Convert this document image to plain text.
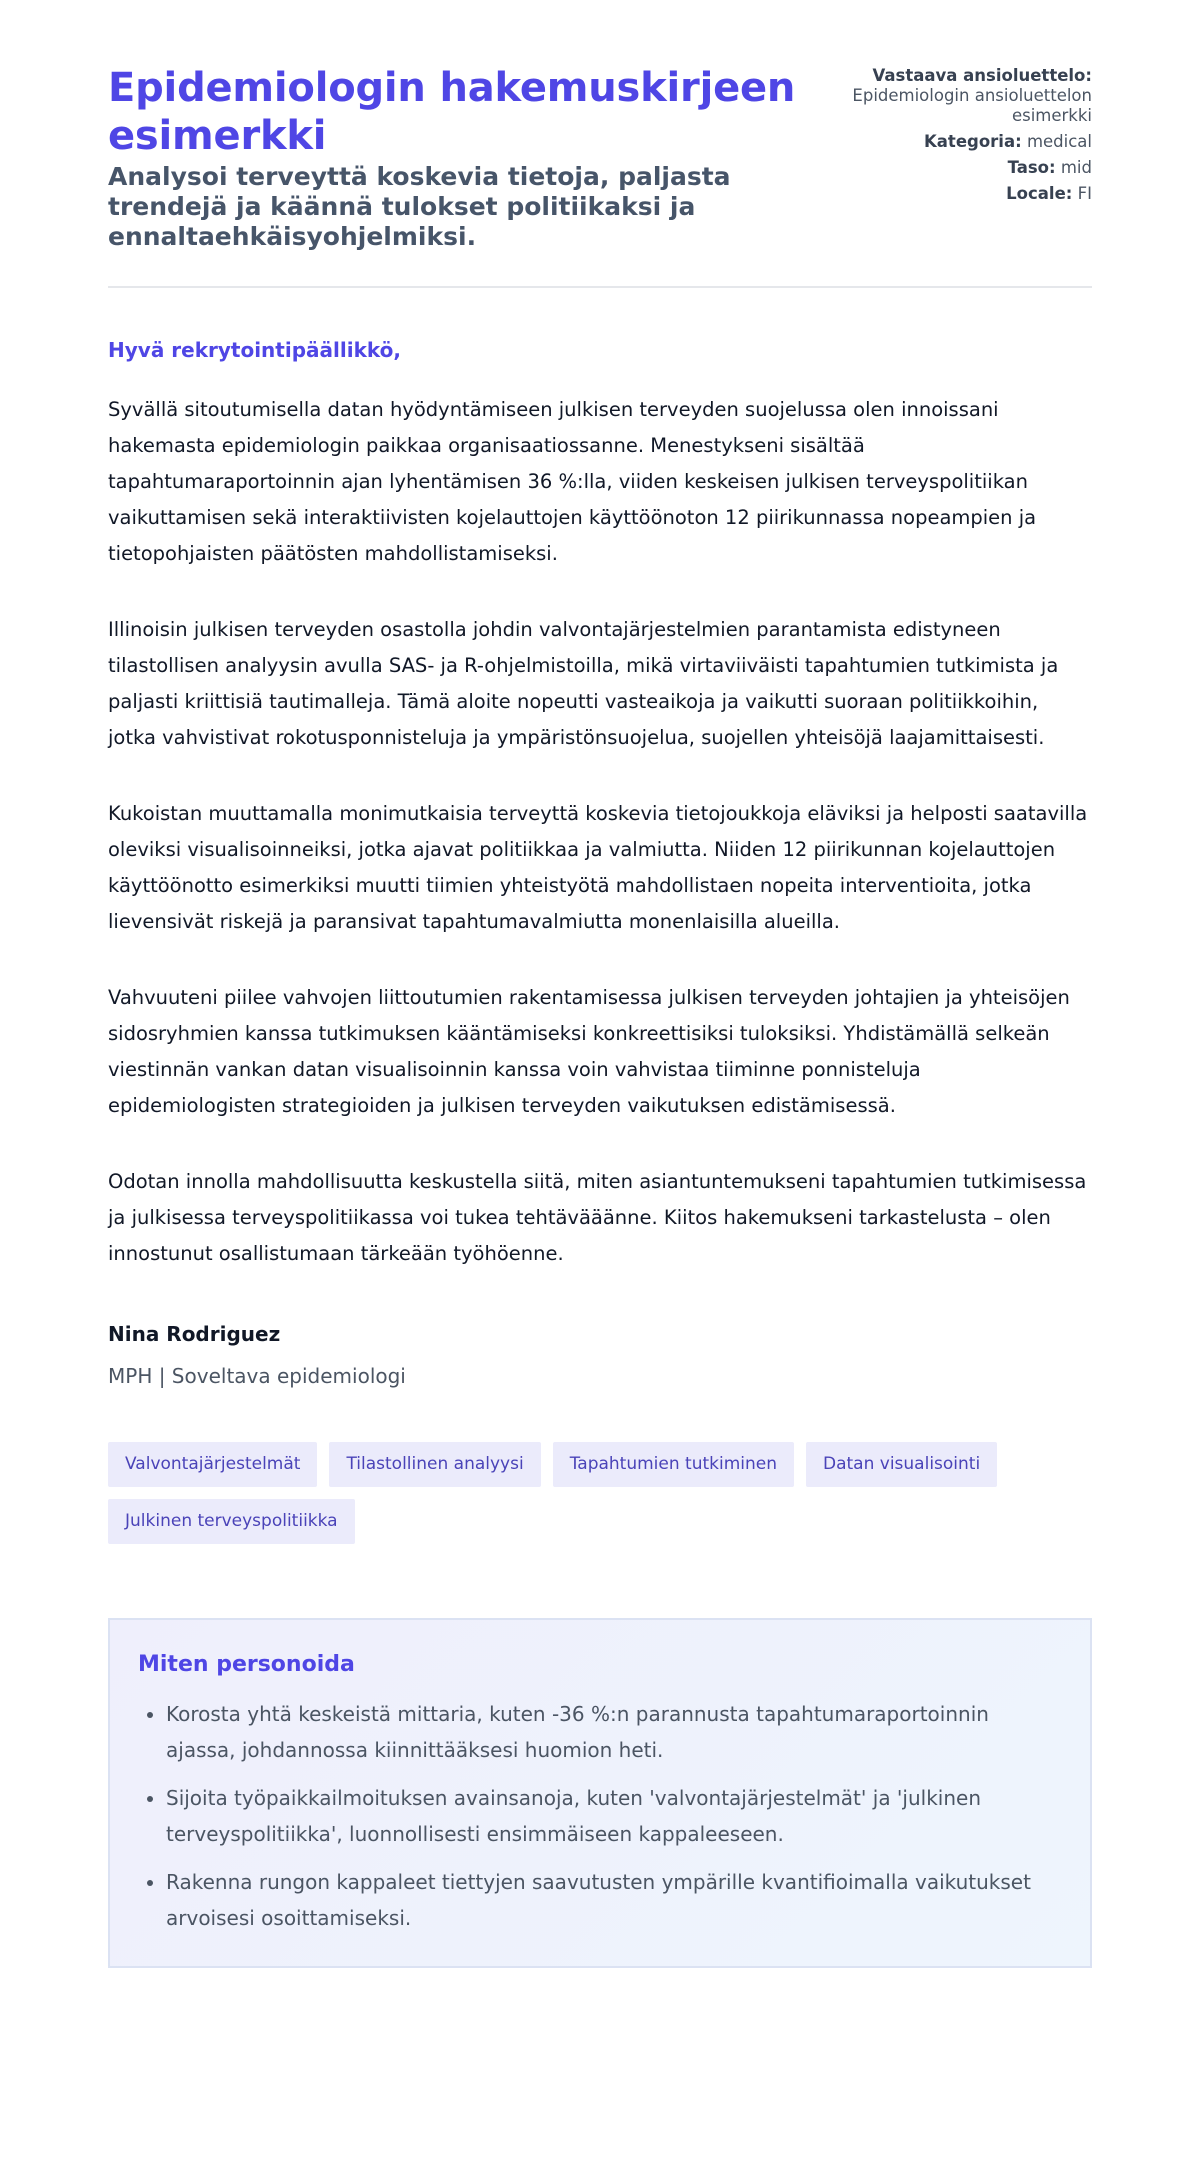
Epidemiologin hakemuskirjeen esimerkki
Analysoi terveyttä koskevia tietoja, paljasta trendejä ja käännä tulokset politiikaksi ja ennaltaehkäisyohjelmiksi.
Vastaava ansioluettelo:
Epidemiologin ansioluettelon esimerkki
Kategoria: medical
Taso: mid
Locale: FI
Hyvä rekrytointipäällikkö,

Syvällä sitoutumisella datan hyödyntämiseen julkisen terveyden suojelussa olen innoissani hakemasta epidemiologin paikkaa organisaatiossanne. Menestykseni sisältää tapahtumaraportoinnin ajan lyhentämisen 36 %:lla, viiden keskeisen julkisen terveyspolitiikan vaikuttamisen sekä interaktiivisten kojelauttojen käyttöönoton 12 piirikunnassa nopeampien ja tietopohjaisten päätösten mahdollistamiseksi.

Illinoisin julkisen terveyden osastolla johdin valvontajärjestelmien parantamista edistyneen tilastollisen analyysin avulla SAS- ja R-ohjelmistoilla, mikä virtaviiväisti tapahtumien tutkimista ja paljasti kriittisiä tautimalleja. Tämä aloite nopeutti vasteaikoja ja vaikutti suoraan politiikkoihin, jotka vahvistivat rokotusponnisteluja ja ympäristönsuojelua, suojellen yhteisöjä laajamittaisesti.

Kukoistan muuttamalla monimutkaisia terveyttä koskevia tietojoukkoja eläviksi ja helposti saatavilla oleviksi visualisoinneiksi, jotka ajavat politiikkaa ja valmiutta. Niiden 12 piirikunnan kojelauttojen käyttöönotto esimerkiksi muutti tiimien yhteistyötä mahdollistaen nopeita interventioita, jotka lievensivät riskejä ja paransivat tapahtumavalmiutta monenlaisilla alueilla.

Vahvuuteni piilee vahvojen liittoutumien rakentamisessa julkisen terveyden johtajien ja yhteisöjen sidosryhmien kanssa tutkimuksen kääntämiseksi konkreettisiksi tuloksiksi. Yhdistämällä selkeän viestinnän vankan datan visualisoinnin kanssa voin vahvistaa tiiminne ponnisteluja epidemiologisten strategioiden ja julkisen terveyden vaikutuksen edistämisessä.

Odotan innolla mahdollisuutta keskustella siitä, miten asiantuntemukseni tapahtumien tutkimisessa ja julkisessa terveyspolitiikassa voi tukea tehtävääänne. Kiitos hakemukseni tarkastelusta – olen innostunut osallistumaan tärkeään työhöenne.

Nina Rodriguez
MPH | Soveltava epidemiologi
Valvontajärjestelmät	Tilastollinen analyysi	Tapahtumien tutkiminen	Datan visualisointi
Julkinen terveyspolitiikka
Miten personoida
• Korosta yhtä keskeistä mittaria, kuten -36 %:n parannusta tapahtumaraportoinnin ajassa, johdannossa kiinnittääksesi huomion heti.
• Sijoita työpaikkailmoituksen avainsanoja, kuten 'valvontajärjestelmät' ja 'julkinen terveyspolitiikka', luonnollisesti ensimmäiseen kappaleeseen.
• Rakenna rungon kappaleet tiettyjen saavutusten ympärille kvantifioimalla vaikutukset arvoisesi osoittamiseksi.
